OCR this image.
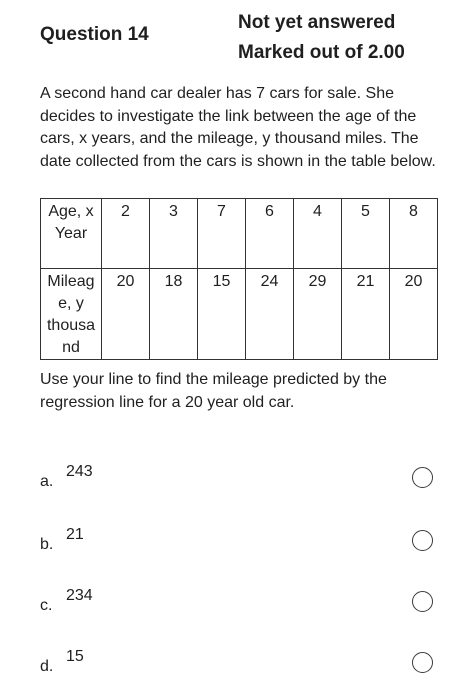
Question 14
Not yet answered
Marked out of 2.00
A second hand car dealer has 7 cars for sale. She decides to investigate the link between the age of the cars, x years, and the mileage, y thousand miles. The date collected from the cars is shown in the table below.
Age, x
Year	2	3	7	6	4	5	8

Mileag
e, y
thousa
nd	20	18	15	24	29	21	20
Use your line to find the mileage predicted by the regression line for a 20 year old car.
a.
243
b.
21
c.
234
d.
15
